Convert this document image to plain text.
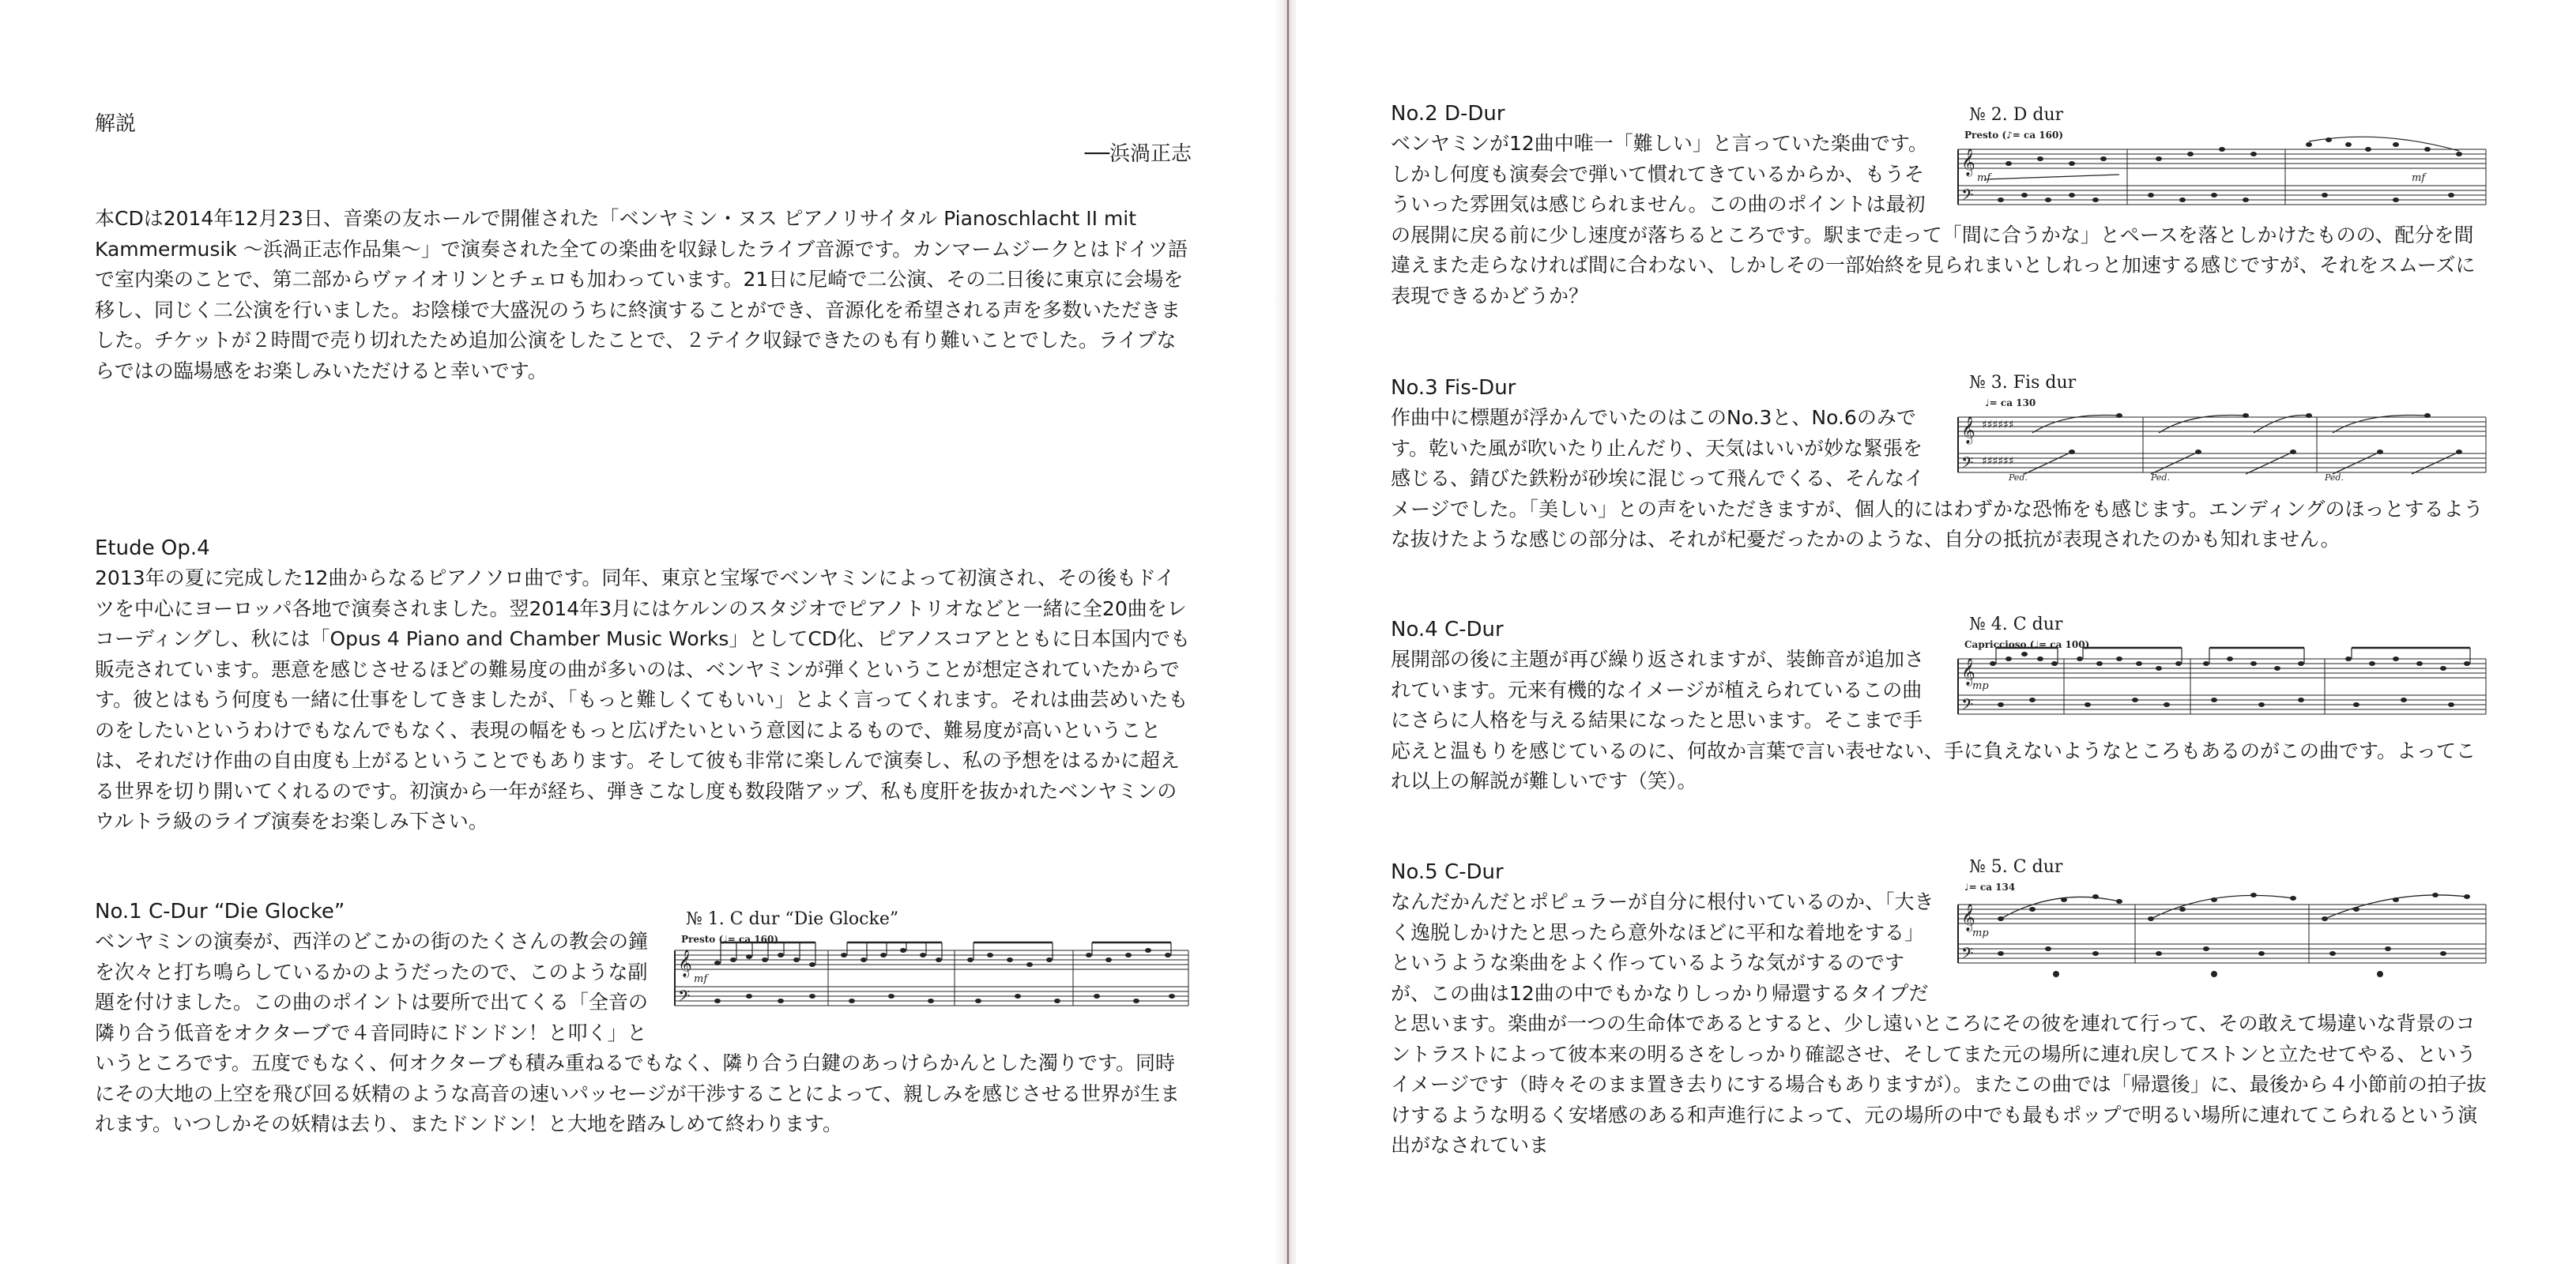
解説
──浜渦正志

本CDは2014年12月23日、音楽の友ホールで開催された「ベンヤミン・ヌス ピアノリサイタル Pianoschlacht II mit Kammermusik 〜浜渦正志作品集〜」で演奏された全ての楽曲を収録したライブ音源です。カンマームジークとはドイツ語で室内楽のことで、第二部からヴァイオリンとチェロも加わっています。21日に尼崎で二公演、その二日後に東京に会場を移し、同じく二公演を行いました。お陰様で大盛況のうちに終演することができ、音源化を希望される声を多数いただきました。チケットが２時間で売り切れたため追加公演をしたことで、２テイク収録できたのも有り難いことでした。ライブならではの臨場感をお楽しみいただけると幸いです。

Etude Op.4

2013年の夏に完成した12曲からなるピアノソロ曲です。同年、東京と宝塚でベンヤミンによって初演され、その後もドイツを中心にヨーロッパ各地で演奏されました。翌2014年3月にはケルンのスタジオでピアノトリオなどと一緒に全20曲をレコーディングし、秋には「Opus 4 Piano and Chamber Music Works」としてCD化、ピアノスコアとともに日本国内でも販売されています。悪意を感じさせるほどの難易度の曲が多いのは、ベンヤミンが弾くということが想定されていたからです。彼とはもう何度も一緒に仕事をしてきましたが、「もっと難しくてもいい」とよく言ってくれます。それは曲芸めいたものをしたいというわけでもなんでもなく、表現の幅をもっと広げたいという意図によるもので、難易度が高いということは、それだけ作曲の自由度も上がるということでもあります。そして彼も非常に楽しんで演奏し、私の予想をはるかに超える世界を切り開いてくれるのです。初演から一年が経ち、弾きこなし度も数段階アップ、私も度肝を抜かれたベンヤミンのウルトラ級のライブ演奏をお楽しみ下さい。

№ 1. C dur “Die Glocke”
Presto (♩= ca 160)
𝄞
𝄢
mf
No.1 C-Dur “Die Glocke”

ベンヤミンの演奏が、西洋のどこかの街のたくさんの教会の鐘を次々と打ち鳴らしているかのようだったので、このような副題を付けました。この曲のポイントは要所で出てくる「全音の隣り合う低音をオクターブで４音同時にドンドン！と叩く」というところです。五度でもなく、何オクターブも積み重ねるでもなく、隣り合う白鍵のあっけらかんとした濁りです。同時にその大地の上空を飛び回る妖精のような高音の速いパッセージが干渉することによって、親しみを感じさせる世界が生まれます。いつしかその妖精は去り、またドンドン！と大地を踏みしめて終わります。

№ 2. D dur
Presto (♪= ca 160)
𝄞
𝄢
mf	mf
No.2 D-Dur

ベンヤミンが12曲中唯一「難しい」と言っていた楽曲です。しかし何度も演奏会で弾いて慣れてきているからか、もうそういった雰囲気は感じられません。この曲のポイントは最初の展開に戻る前に少し速度が落ちるところです。駅まで走って「間に合うかな」とペースを落としかけたものの、配分を間違えまた走らなければ間に合わない、しかしその一部始終を見られまいとしれっと加速する感じですが、それをスムーズに表現できるかどうか？

№ 3. Fis dur
♩= ca 130
𝄞
𝄢
♯♯♯♯♯♯
♯♯♯♯♯♯
Ped.	Ped.	Ped.
No.3 Fis-Dur

作曲中に標題が浮かんでいたのはこのNo.3と、No.6のみです。乾いた風が吹いたり止んだり、天気はいいが妙な緊張を感じる、錆びた鉄粉が砂埃に混じって飛んでくる、そんなイメージでした。「美しい」との声をいただきますが、個人的にはわずかな恐怖をも感じます。エンディングのほっとするような抜けたような感じの部分は、それが杞憂だったかのような、自分の抵抗が表現されたのかも知れません。

№ 4. C dur
Capriccioso (♩= ca 100)
𝄞
𝄢
mp
No.4 C-Dur

展開部の後に主題が再び繰り返されますが、装飾音が追加されています。元来有機的なイメージが植えられているこの曲にさらに人格を与える結果になったと思います。そこまで手応えと温もりを感じているのに、何故か言葉で言い表せない、手に負えないようなところもあるのがこの曲です。よってこれ以上の解説が難しいです（笑）。

№ 5. C dur
♩= ca 134
𝄞
𝄢
mp
No.5 C-Dur

なんだかんだとポピュラーが自分に根付いているのか、「大きく逸脱しかけたと思ったら意外なほどに平和な着地をする」というような楽曲をよく作っているような気がするのですが、この曲は12曲の中でもかなりしっかり帰還するタイプだと思います。楽曲が一つの生命体であるとすると、少し遠いところにその彼を連れて行って、その敢えて場違いな背景のコントラストによって彼本来の明るさをしっかり確認させ、そしてまた元の場所に連れ戻してストンと立たせてやる、というイメージです（時々そのまま置き去りにする場合もありますが）。またこの曲では「帰還後」に、最後から４小節前の拍子抜けするような明るく安堵感のある和声進行によって、元の場所の中でも最もポップで明るい場所に連れてこられるという演出がなされていま
